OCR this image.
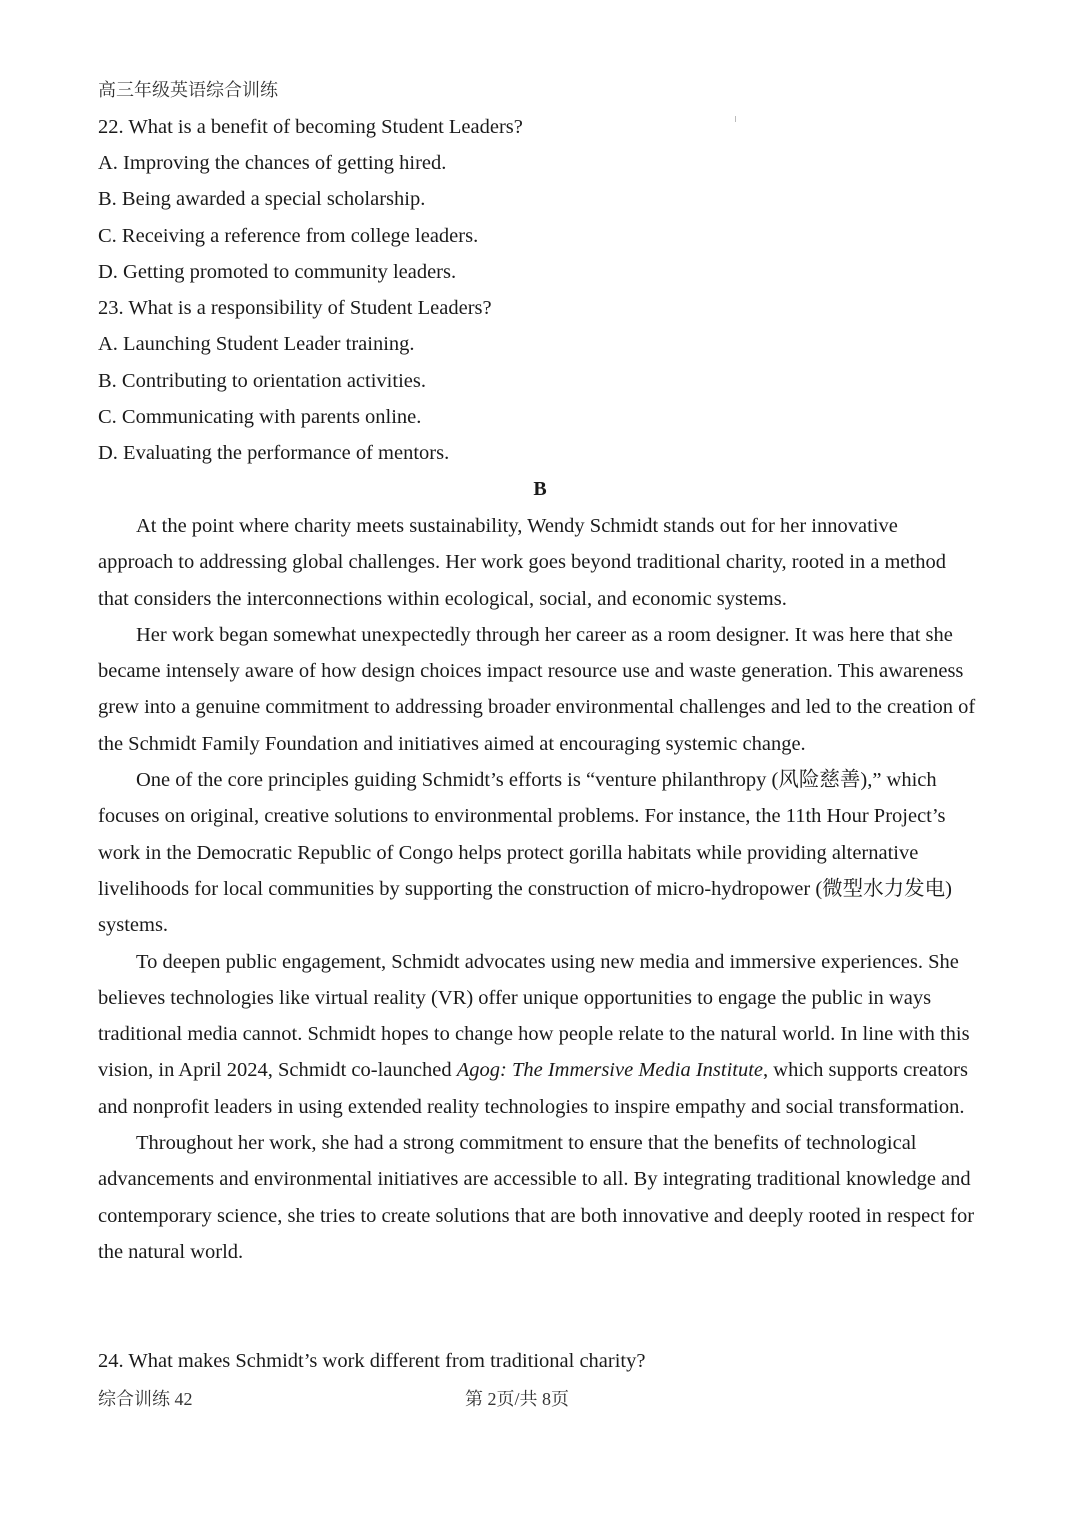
高三年级英语综合训练
22. What is a benefit of becoming Student Leaders?
A. Improving the chances of getting hired.
B. Being awarded a special scholarship.
C. Receiving a reference from college leaders.
D. Getting promoted to community leaders.
23. What is a responsibility of Student Leaders?
A. Launching Student Leader training.
B. Contributing to orientation activities.
C. Communicating with parents online.
D. Evaluating the performance of mentors.
B

At the point where charity meets sustainability, Wendy Schmidt stands out for her innovative approach to addressing global challenges. Her work goes beyond traditional charity, rooted in a method that considers the interconnections within ecological, social, and economic systems.

Her work began somewhat unexpectedly through her career as a room designer. It was here that she became intensely aware of how design choices impact resource use and waste generation. This awareness grew into a genuine commitment to addressing broader environmental challenges and led to the creation of the Schmidt Family Foundation and initiatives aimed at encouraging systemic change.

One of the core principles guiding Schmidt’s efforts is “venture philanthropy (风险慈善),” which focuses on original, creative solutions to environmental problems. For instance, the 11th Hour Project’s work in the Democratic Republic of Congo helps protect gorilla habitats while providing alternative livelihoods for local communities by supporting the construction of micro-hydropower (微型水力发电) systems.

To deepen public engagement, Schmidt advocates using new media and immersive experiences. She believes technologies like virtual reality (VR) offer unique opportunities to engage the public in ways traditional media cannot. Schmidt hopes to change how people relate to the natural world. In line with this vision, in April 2024, Schmidt co-launched Agog: The Immersive Media Institute, which supports creators and nonprofit leaders in using extended reality technologies to inspire empathy and social transformation.

Throughout her work, she had a strong commitment to ensure that the benefits of technological advancements and environmental initiatives are accessible to all. By integrating traditional knowledge and contemporary science, she tries to create solutions that are both innovative and deeply rooted in respect for the natural world.

24. What makes Schmidt’s work different from traditional charity?
综合训练 42	第 2页/共 8页
